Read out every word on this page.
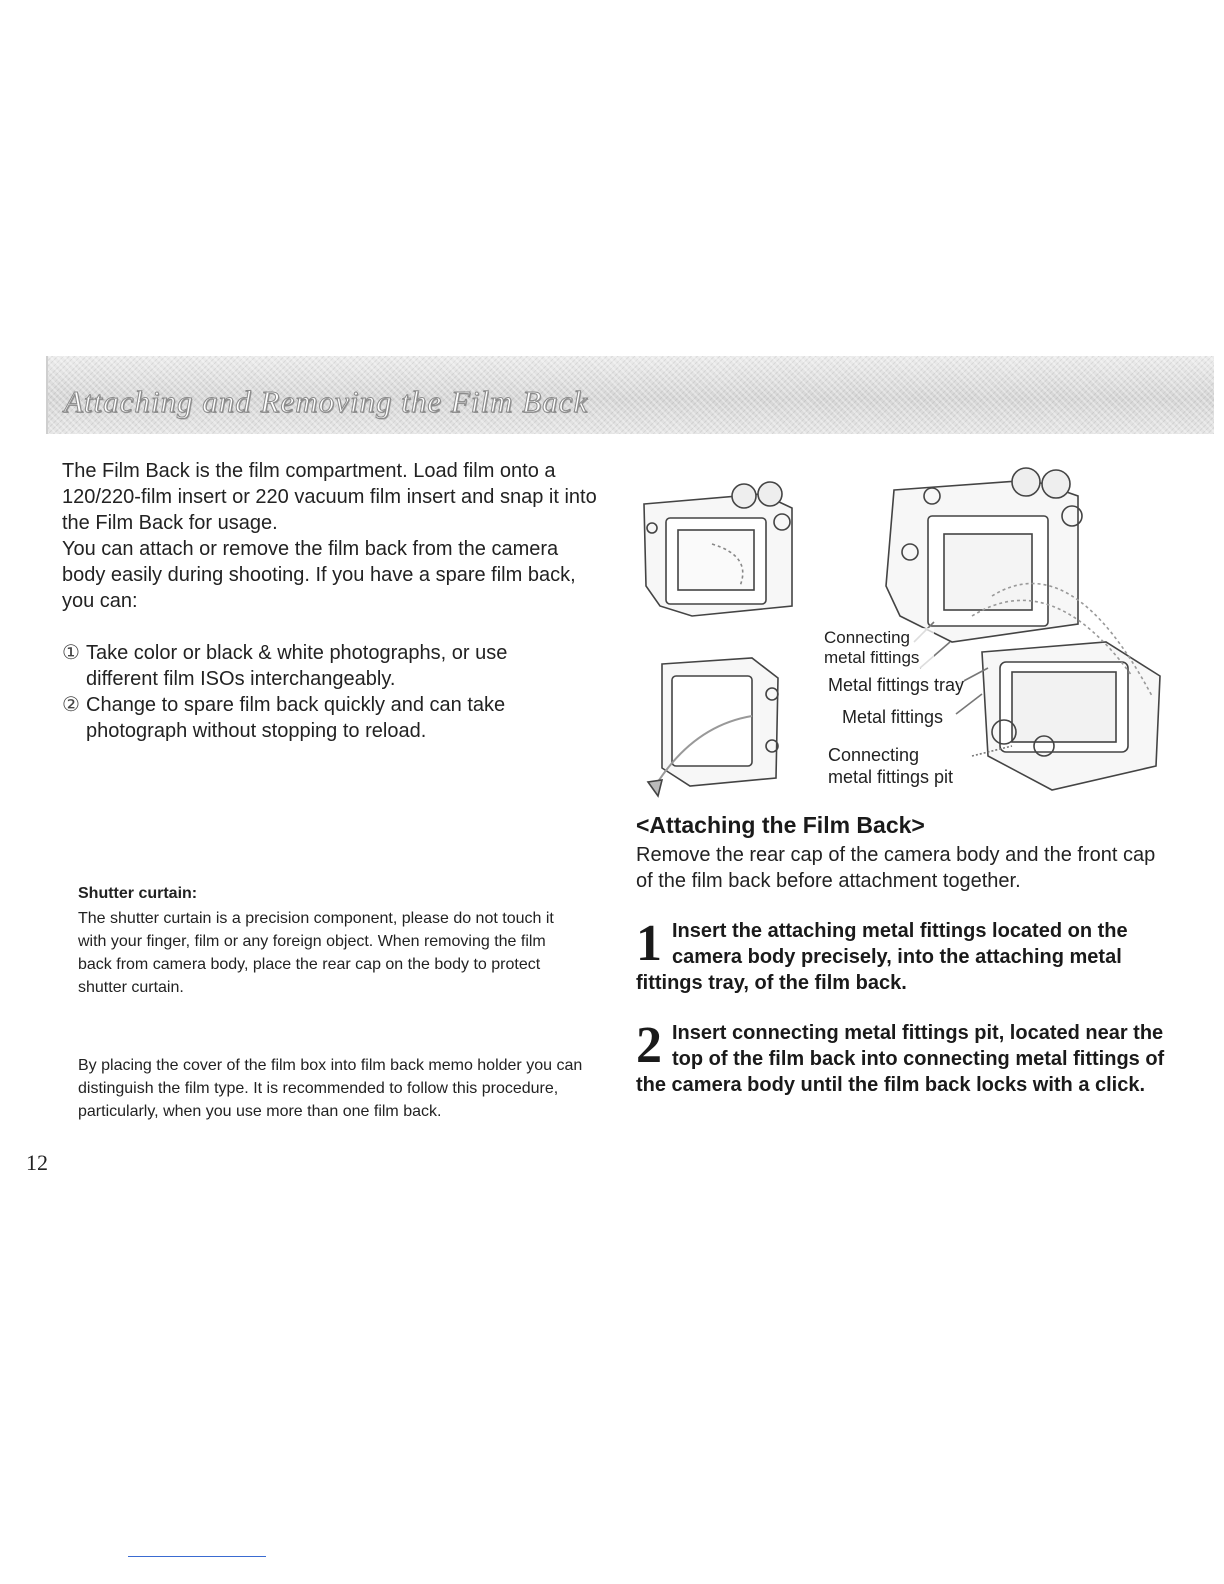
Attaching and Removing the Film Back

The Film Back is the film compartment. Load film onto a 120/220-film insert or 220 vacuum film insert and snap it into the Film Back for usage.

You can attach or remove the film back from the camera body easily during shooting. If you have a spare film back, you can:

① Take color or black & white photographs, or use different film ISOs interchangeably.
② Change to spare film back quickly and can take photograph without stopping to reload.
Shutter curtain:
The shutter curtain is a precision component, please do not touch it with your finger, film or any foreign object. When removing the film back from camera body, place the rear cap on the body to protect shutter curtain.
By placing the cover of the film box into film back memo holder you can distinguish the film type. It is recommended to follow this procedure, particularly, when you use more than one film back.
12
Connecting metal fittings
Metal fittings tray
Metal fittings
Connecting metal fittings pit
<Attaching the Film Back>
Remove the rear cap of the camera body and the front cap of the film back before attachment together.
1 Insert the attaching metal fittings located on the camera body precisely, into the attaching metal fittings tray, of the film back.
2 Insert connecting metal fittings pit, located near the top of the film back into connecting metal fittings of the camera body until the film back locks with a click.
